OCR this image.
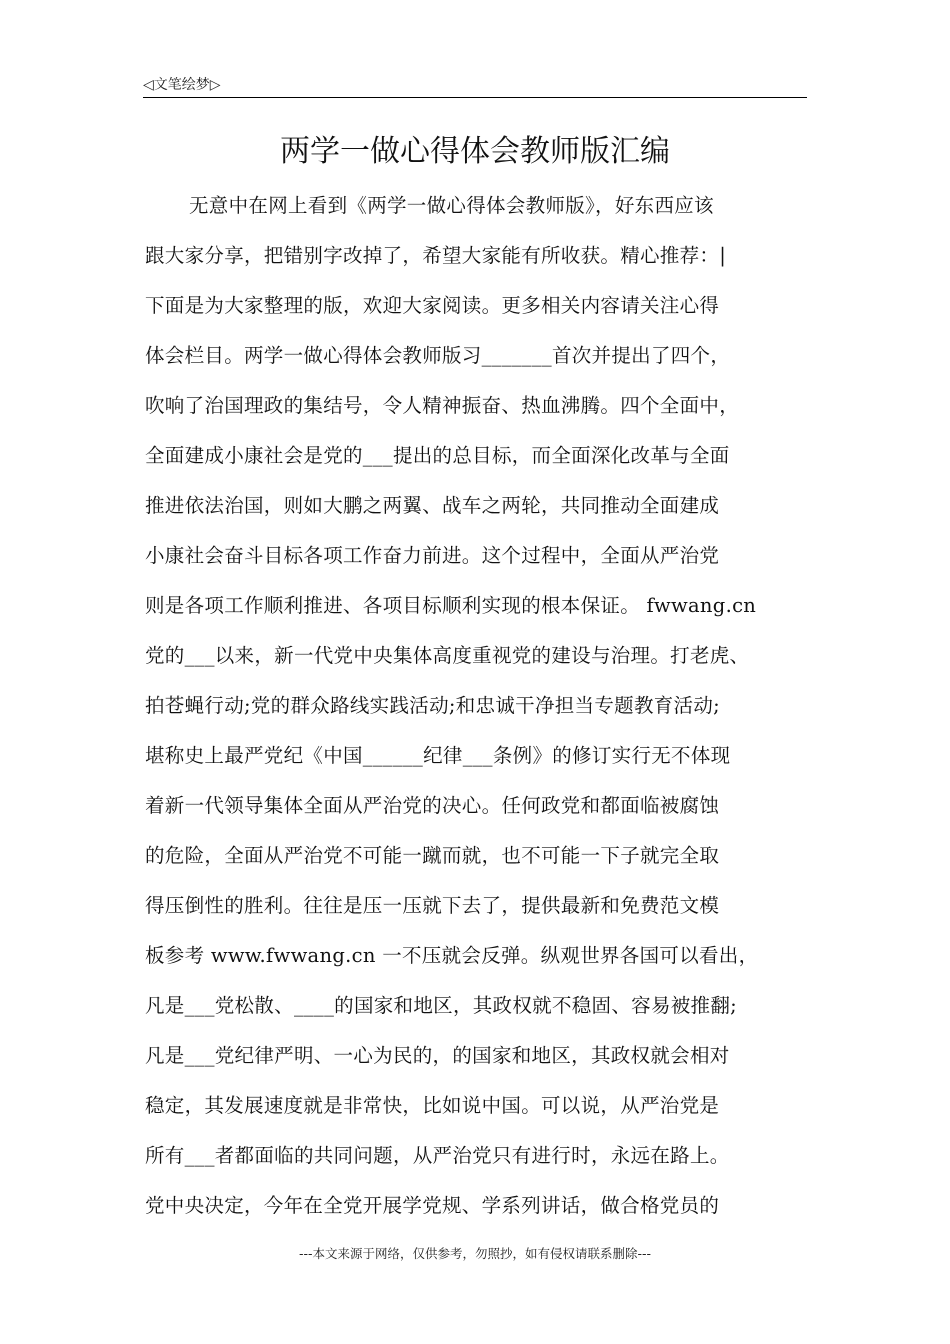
◁文笔绘梦▷
两学一做心得体会教师版汇编
无意中在网上看到《两学一做心得体会教师版》，好东西应该
跟大家分享，把错别字改掉了，希望大家能有所收获。精心推荐：|
下面是为大家整理的版，欢迎大家阅读。更多相关内容请关注心得
体会栏目。两学一做心得体会教师版习_______首次并提出了四个，
吹响了治国理政的集结号，令人精神振奋、热血沸腾。四个全面中，
全面建成小康社会是党的___提出的总目标，而全面深化改革与全面
推进依法治国，则如大鹏之两翼、战车之两轮，共同推动全面建成
小康社会奋斗目标各项工作奋力前进。这个过程中，全面从严治党
则是各项工作顺利推进、各项目标顺利实现的根本保证。 fwwang.cn
党的___以来，新一代党中央集体高度重视党的建设与治理。打老虎、
拍苍蝇行动;党的群众路线实践活动;和忠诚干净担当专题教育活动;
堪称史上最严党纪《中国______纪律___条例》的修订实行无不体现
着新一代领导集体全面从严治党的决心。任何政党和都面临被腐蚀
的危险，全面从严治党不可能一蹴而就，也不可能一下子就完全取
得压倒性的胜利。往往是压一压就下去了，提供最新和免费范文模
板参考 www.fwwang.cn 一不压就会反弹。纵观世界各国可以看出，
凡是___党松散、____的国家和地区，其政权就不稳固、容易被推翻;
凡是___党纪律严明、一心为民的，的国家和地区，其政权就会相对
稳定，其发展速度就是非常快，比如说中国。可以说，从严治党是
所有___者都面临的共同问题，从严治党只有进行时，永远在路上。
党中央决定，今年在全党开展学党规、学系列讲话，做合格党员的
---本文来源于网络，仅供参考，勿照抄，如有侵权请联系删除---
